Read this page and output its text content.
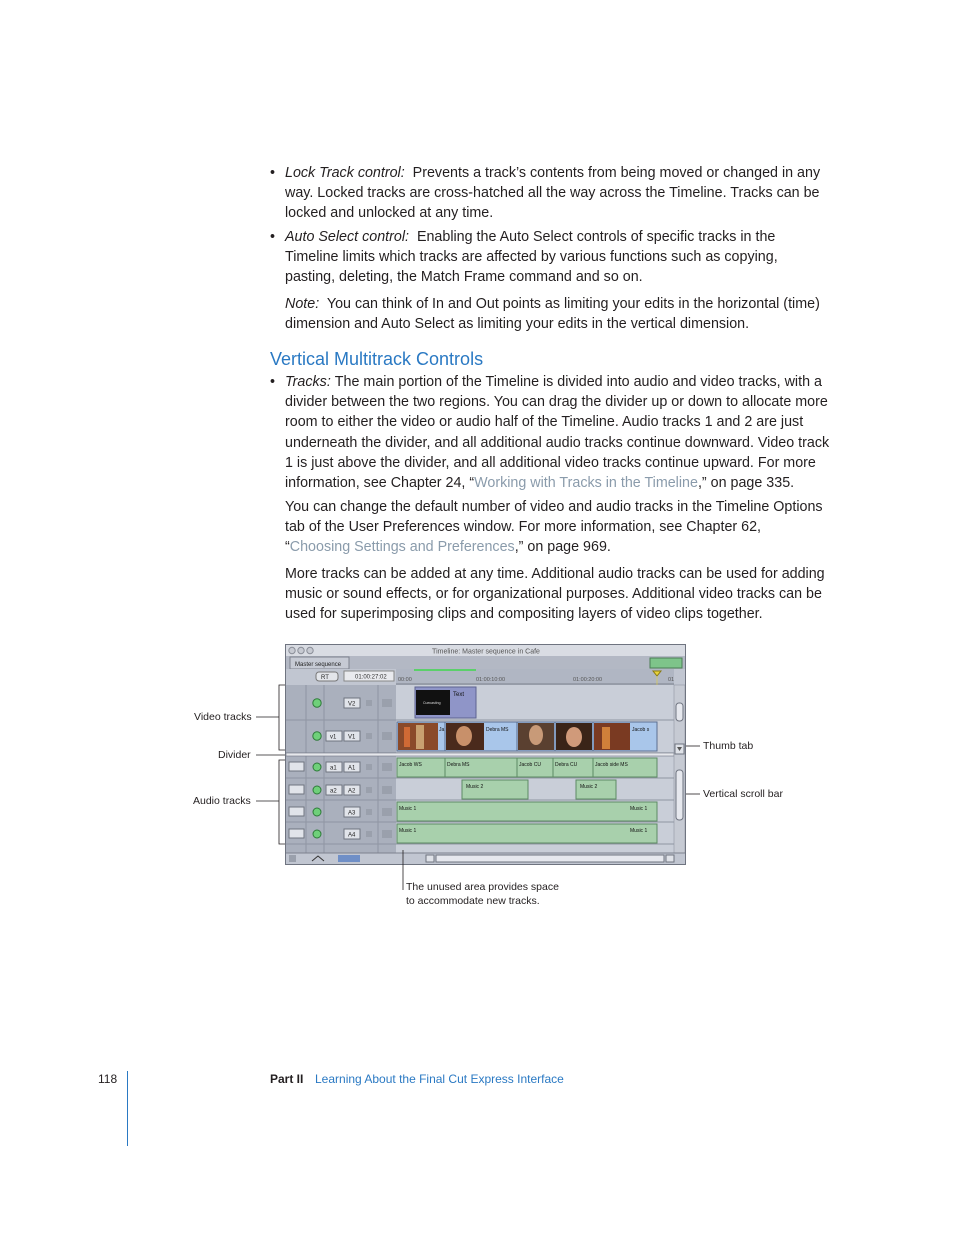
• Lock Track control: Prevents a track’s contents from being moved or changed in any way. Locked tracks are cross-hatched all the way across the Timeline. Tracks can be locked and unlocked at any time.
• Auto Select control: Enabling the Auto Select controls of specific tracks in the Timeline limits which tracks are affected by various functions such as copying, pasting, deleting, the Match Frame command and so on.
Note: You can think of In and Out points as limiting your edits in the horizontal (time) dimension and Auto Select as limiting your edits in the vertical dimension.
Vertical Multitrack Controls
• Tracks: The main portion of the Timeline is divided into audio and video tracks, with a divider between the two regions. You can drag the divider up or down to allocate more room to either the video or audio half of the Timeline. Audio tracks 1 and 2 are just underneath the divider, and all additional audio tracks continue downward. Video track 1 is just above the divider, and all additional video tracks continue upward. For more information, see Chapter 24, “Working with Tracks in the Timeline,” on page 335.
You can change the default number of video and audio tracks in the Timeline Options tab of the User Preferences window. For more information, see Chapter 62, “Choosing Settings and Preferences,” on page 969.
More tracks can be added at any time. Additional audio tracks can be used for adding music or sound effects, or for organizational purposes. Additional video tracks can be used for superimposing clips and compositing layers of video clips together.
Timeline: Master sequence in Cafe
Master sequence
RT	01:00:27:02 00:00	01:00:10:00	01:00:20:00	01
V2
v1 V1
Cuecasting
Text
Ja	Debra MS	Jacob s
a1 A1
a2 A2
A3
A4
Jacob WS	Debra MS	Jacob CU	Debra CU	Jacob side MS
Music 2	Music 2
Music 1	Music 1
Music 1	Music 1
Video tracks
Divider
Audio tracks
Thumb tab
Vertical scroll bar
The unused area provides space
to accommodate new tracks.
118	Part II Learning About the Final Cut Express Interface
